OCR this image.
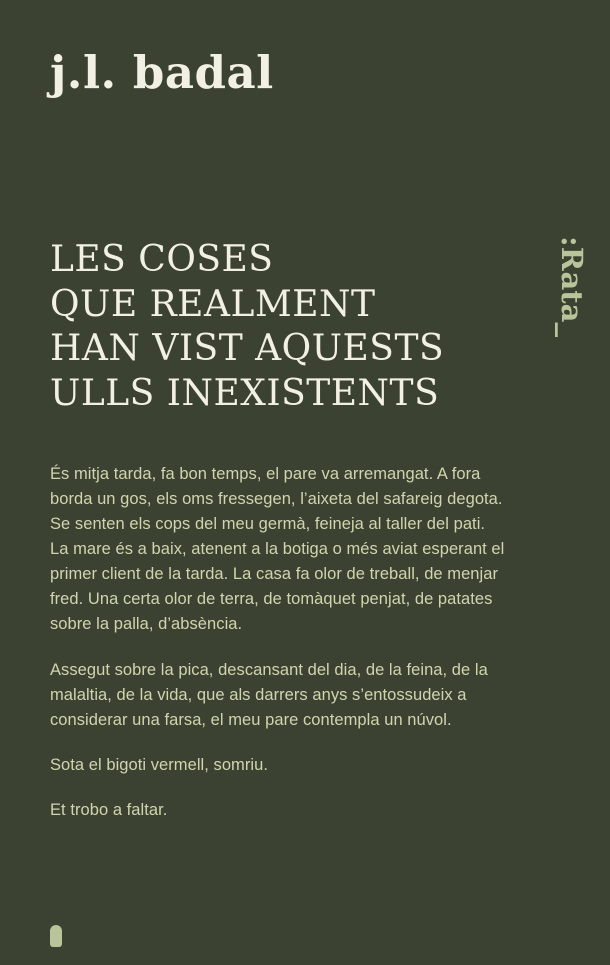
j.l. badal
:Rata_
LES COSES
QUE REALMENT
HAN VIST AQUESTS
ULLS INEXISTENTS

És mitja tarda, fa bon temps, el pare va arremangat. A fora borda un gos, els oms fressegen, l’aixeta del safareig degota. Se senten els cops del meu germà, feineja al taller del pati. La mare és a baix, atenent a la botiga o més aviat esperant el primer client de la tarda. La casa fa olor de treball, de menjar fred. Una certa olor de terra, de tomàquet penjat, de patates sobre la palla, d’absència.

Assegut sobre la pica, descansant del dia, de la feina, de la malaltia, de la vida, que als darrers anys s’entossudeix a considerar una farsa, el meu pare contempla un núvol.

Sota el bigoti vermell, somriu.

Et trobo a faltar.
